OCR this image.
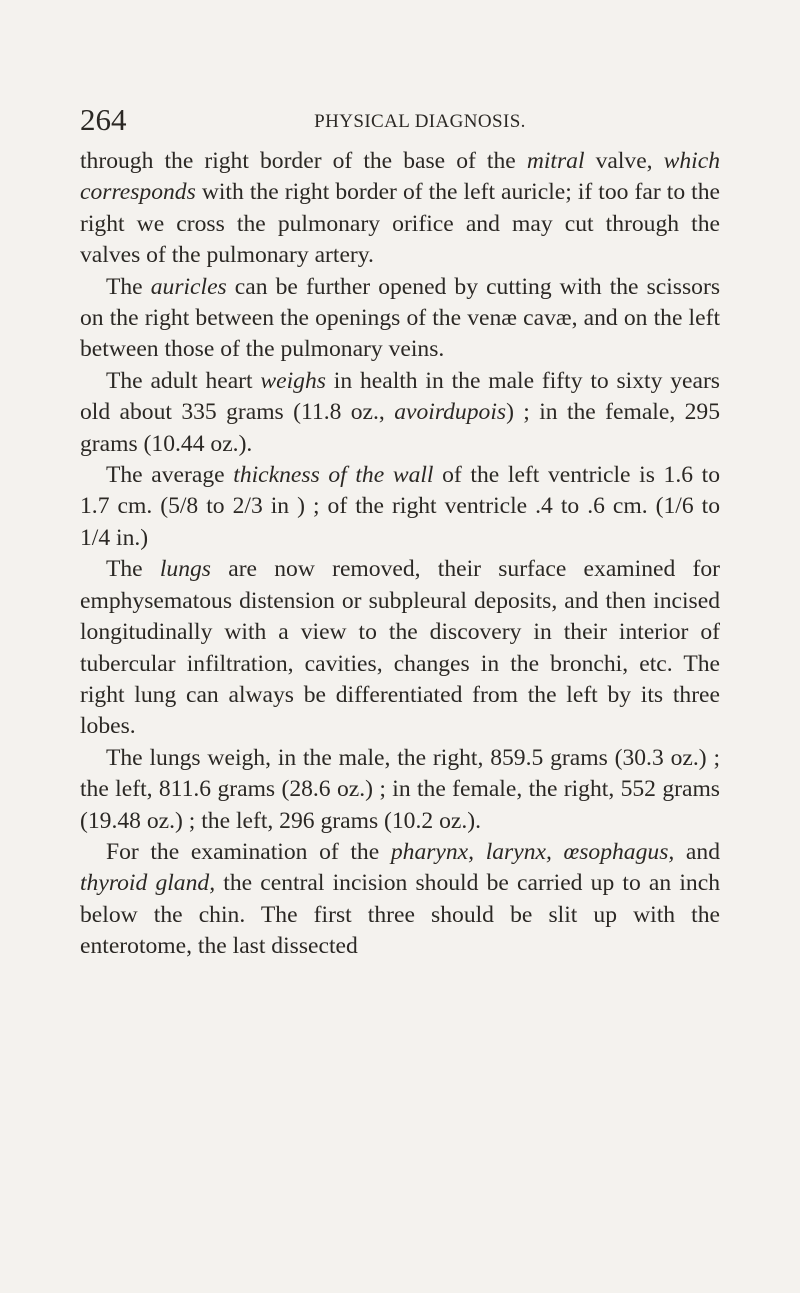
264	PHYSICAL DIAGNOSIS.

through the right border of the base of the mitral valve, which corresponds with the right border of the left auricle; if too far to the right we cross the pulmonary orifice and may cut through the valves of the pulmonary artery.

The auricles can be further opened by cutting with the scissors on the right between the openings of the venæ cavæ, and on the left between those of the pulmonary veins.

The adult heart weighs in health in the male fifty to sixty years old about 335 grams (11.8 oz., avoirdupois) ; in the female, 295 grams (10.44 oz.).

The average thickness of the wall of the left ventricle is 1.6 to 1.7 cm. (5/8 to 2/3 in ) ; of the right ventricle .4 to .6 cm. (1/6 to 1/4 in.)

The lungs are now removed, their surface examined for emphysematous distension or subpleural deposits, and then incised longitudinally with a view to the discovery in their interior of tubercular infiltration, cavities, changes in the bronchi, etc. The right lung can always be differentiated from the left by its three lobes.

The lungs weigh, in the male, the right, 859.5 grams (30.3 oz.) ; the left, 811.6 grams (28.6 oz.) ; in the female, the right, 552 grams (19.48 oz.) ; the left, 296 grams (10.2 oz.).

For the examination of the pharynx, larynx, œsophagus, and thyroid gland, the central incision should be carried up to an inch below the chin. The first three should be slit up with the enterotome, the last dissected
